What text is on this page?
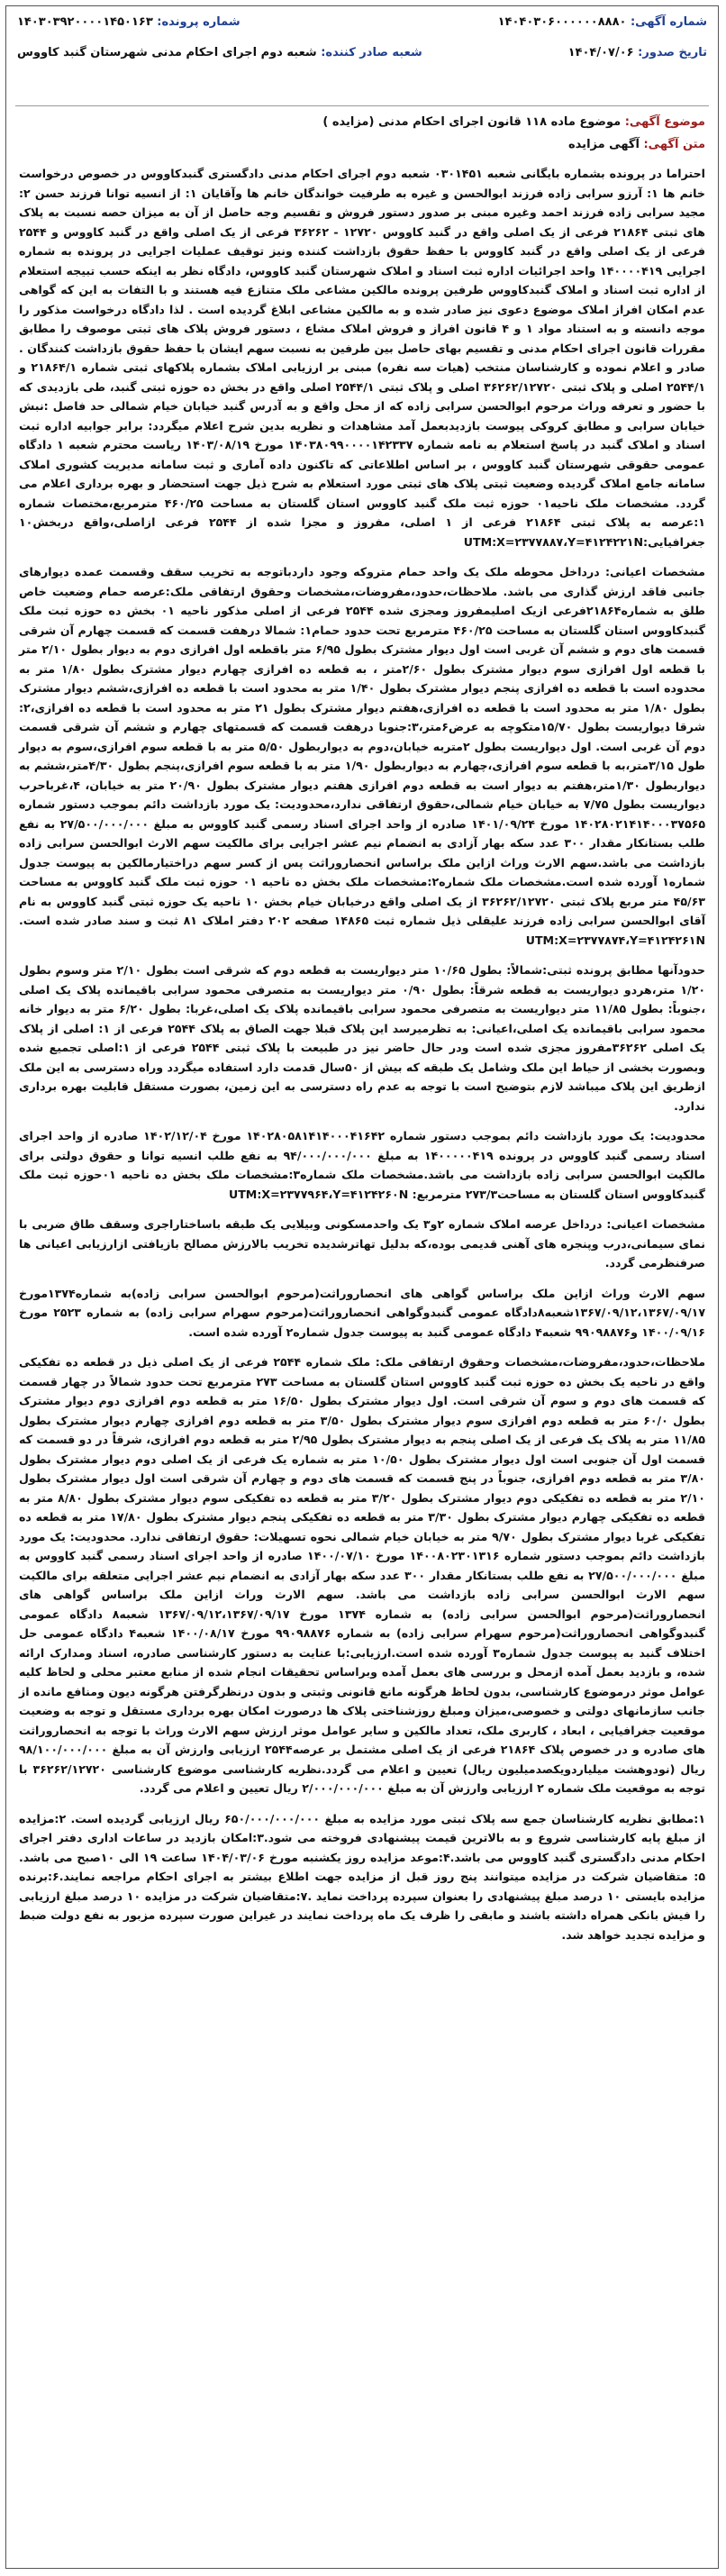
شماره آگهی: ۱۴۰۴۰۳۰۶۰۰۰۰۰۰۸۸۸۰
شماره پرونده: ۱۴۰۳۰۳۹۲۰۰۰۰۱۴۵۰۱۶۳
تاریخ صدور: ۱۴۰۴/۰۷/۰۶
شعبه صادر کننده: شعبه دوم اجرای احکام مدنی شهرستان گنبد کاووس
موضوع آگهی: موضوع ماده ۱۱۸ قانون اجرای احکام مدنی (مزایده )
متن آگهی: آگهی مزایده

احتراما در پرونده بشماره بایگانی شعبه ۰۳۰۱۴۵۱ شعبه دوم اجرای احکام مدنی دادگستری گنبدکاووس در خصوص درخواست خانم ها ۱: آرزو سرابی زاده فرزند ابوالحسن و غیره به طرفیت خواندگان خانم ها وآقایان ۱: از انسیه توانا فرزند حسن ۲: مجید سرابی زاده فرزند احمد وغیره مبنی بر صدور دستور فروش و تقسیم وجه حاصل از آن به میزان حصه نسبت به پلاک های ثبتی ۲۱۸۶۴ فرعی از یک اصلی واقع در گنبد کاووس ۱۲۷۲۰ - ۳۶۲۶۲ فرعی از یک اصلی واقع در گنبد کاووس و ۲۵۴۴ فرعی از یک اصلی واقع در گنبد کاووس با حفظ حقوق بازداشت کننده ونیز توقیف عملیات اجرایی در پرونده به شماره اجرایی ۱۴۰۰۰۰۴۱۹ واحد اجرائیات اداره ثبت اسناد و املاک شهرستان گنبد کاووس، دادگاه نظر به اینکه حسب تبیجه استعلام از اداره ثبت اسناد و املاک گنبدکاووس طرفین پرونده مالکین مشاعی ملک متنازع فیه هستند و با التفات به این که گواهی عدم امکان افراز املاک موضوع دعوی نیز صادر شده و به مالکین مشاعی ابلاغ گردیده است . لذا دادگاه درخواست مذکور را موجه دانسته و به استناد مواد ۱ و ۴ قانون افراز و فروش املاک مشاع ، دستور فروش پلاک های ثبتی موصوف را مطابق مقررات قانون اجرای احکام مدنی و تقسیم بهای حاصل بین طرفین به نسبت سهم ایشان با حفظ حقوق بازداشت کنندگان . صادر و اعلام نموده و کارشناسان منتخب (هیات سه نفره) مبنی بر ارزیابی املاک بشماره پلاکهای ثبتی شماره ۲۱۸۶۴/۱ و ۲۵۴۴/۱ اصلی و پلاک ثبتی ۳۶۲۶۲/۱۲۷۲۰ اصلی و پلاک ثبتی ۲۵۴۴/۱ اصلی واقع در بخش ده حوزه ثبتی گنبد، طی بازدیدی که با حضور و تعرفه وراث مرحوم ابوالحسن سرابی زاده که از محل واقع و به آدرس گنبد خیابان خیام شمالی حد فاصل :نبش خیابان سرابی و مطابق کروکی پیوست بازدیدبعمل آمد مشاهدات و نظریه بدین شرح اعلام میگردد: برابر جوابیه اداره ثبت اسناد و املاک گنبد در پاسخ استعلام به نامه شماره ۱۴۰۳۸۰۹۹۰۰۰۰۱۴۲۳۳۷ مورخ ۱۴۰۳/۰۸/۱۹ ریاست محترم شعبه ۱ دادگاه عمومی حقوقی شهرستان گنبد کاووس ، بر اساس اطلاعاتی که تاکنون داده آماری و ثبت سامانه مدیریت کشوری املاک سامانه جامع املاک گردیده وضعیت ثبتی پلاک های ثبتی مورد استعلام به شرح ذیل جهت استحضار و بهره برداری اعلام می گردد. مشخصات ملک ناحیه۰۱ حوزه ثبت ملک گنبد کاووس استان گلستان به مساحت ۴۶۰/۲۵ مترمربع،مختصات شماره ۱:عرصه به پلاک ثبتی ۲۱۸۶۴ فرعی از ۱ اصلی، مفروز و مجزا شده از ۲۵۴۴ فرعی ازاصلی،واقع دربخش۱۰ جغرافیایی:UTM:X=۲۳۷۷۸۸۷،Y=۴۱۲۴۲۲۱N

مشخصات اعیانی: درداخل محوطه ملک یک واحد حمام متروکه وجود داردباتوجه به تخریب سقف وقسمت عمده دیوارهای جانبی فاقد ارزش گذاری می باشد. ملاحظات،حدود،مفروضات،مشخصات وحقوق ارتفاقی ملک:عرصه حمام وضعیت خاص طلق به شماره۲۱۸۶۴فرعی ازیک اصلیمفروز ومجزی شده ۲۵۴۴ فرعی از اصلی مذکور ناحیه ۰۱ بخش ده حوزه ثبت ملک گنبدکاووس استان گلستان به مساحت ۴۶۰/۲۵ مترمربع تحت حدود حمام۱: شمالا درهفت قسمت که قسمت چهارم آن شرقی قسمت های دوم و ششم آن غربی است اول دیوار مشترک بطول ۶/۹۵ متر باقطعه اول افرازی دوم به دیوار بطول ۲/۱۰ متر با قطعه اول افرازی سوم دیوار مشترک بطول ۲/۶۰متر ، به قطعه ده افرازی چهارم دیوار مشترک بطول ۱/۸۰ متر به محدوده است با قطعه ده افرازی پنجم دیوار مشترک بطول ۱/۴۰ متر به محدود است با قطعه ده افرازی،ششم دیوار مشترک بطول ۱/۸۰ متر به محدود است با قطعه ده افرازی،هفتم دیوار مشترک بطول ۲۱ متر به محدود است با قطعه ده افرازی،۲: شرقا دیواریست بطول ۱۵/۷۰متکوچه به عرض۶متر،۳:جنوبا درهفت قسمت که قسمتهای چهارم و ششم آن شرقی قسمت دوم آن غربی است. اول دیواریست بطول ۲متربه خیابان،دوم به دیواربطول ۵/۵۰ متر به با قطعه سوم افرازی،سوم به دیوار طول ۳/۱۵متر،به با قطعه سوم افرازی،چهارم به دیواربطول ۱/۹۰ متر به با قطعه سوم افرازی،پنجم بطول ۴/۳۰متر،ششم به دیواربطول ۱/۳۰متر،هفتم به دیوار است به قطعه دوم افرازی هفتم دیوار مشترک بطول ۲۰/۹۰ متر به خیابان، ۴،غرباحرب دیواریست بطول ۷/۷۵ به خیابان خیام شمالی،حقوق ارتفاقی ندارد،محدودیت: یک مورد بازداشت دائم بموجب دستور شماره ۱۴۰۲۸۰۲۱۴۱۴۰۰۰۳۷۵۶۵ مورخ ۱۴۰۱/۰۹/۲۴ صادره از واحد اجرای اسناد رسمی گنبد کاووس به مبلغ ۲۷/۵۰۰/۰۰۰/۰۰۰ به نفع طلب بستانکار مقدار ۳۰۰ عدد سکه بهار آزادی به انضمام نیم عشر اجرایی برای مالکیت سهم الارث ابوالحسن سرابی زاده بازداشت می باشد.سهم الارث وراث ازاین ملک براساس انحصاروراثت پس از کسر سهم دراختیارمالکین به پیوست جدول شماره۱ آورده شده است.مشخصات ملک شماره۲:مشخصات ملک بخش ده ناحیه ۰۱ حوزه ثبت ملک گنبد کاووس به مساحت ۴۵/۶۳ متر مربع پلاک ثبتی ۳۶۲۶۲/۱۲۷۲۰ از یک اصلی واقع درخیابان خیام بخش ۱۰ ناحیه یک حوزه ثبتی گنبد کاووس به نام آقای ابوالحسن سرابی زاده فرزند علیقلی ذیل شماره ثبت ۱۴۸۶۵ صفحه ۲۰۲ دفتر املاک ۸۱ ثبت و سند صادر شده است. UTM:X=۲۳۷۷۸۷۴،Y=۴۱۲۴۲۶۱N

حدودآنها مطابق پرونده ثبتی:شمالاً: بطول ۱۰/۶۵ متر دیواریست به قطعه دوم که شرقی است بطول ۲/۱۰ متر وسوم بطول ۱/۲۰ متر،هردو دیواریست به قطعه شرقاً: بطول ۰/۹۰ متر دیواریست به متصرفی محمود سرابی باقیمانده پلاک یک اصلی ،جنوباً: بطول ۱۱/۸۵ متر دیواریست به متصرفی محمود سرابی باقیمانده پلاک یک اصلی،غربا: بطول ۶/۲۰ متر به دیوار خانه محمود سرابی باقیمانده یک اصلی،اعیانی: به تظرمیرسد این پلاک قبلا جهت الصاق به پلاک ۲۵۴۴ فرعی از ۱: اصلی از پلاک یک اصلی ۳۶۲۶۲مفروز مجزی شده است ودر حال حاضر نیز در طبیعت با پلاک ثبتی ۲۵۴۴ فرعی از ۱:اصلی تجمیع شده وبصورت بخشی از حیاط این ملک وشامل یک طبقه که بیش از ۵۰سال قدمت دارد استفاده میگردد وراه دسترسی به این ملک ازطریق این پلاک میباشد لازم بتوضیح است با توجه به عدم راه دسترسی به این زمین، بصورت مستقل قابلیت بهره برداری ندارد.

محدودیت: یک مورد بازداشت دائم بموجب دستور شماره ۱۴۰۲۸۰۵۸۱۴۱۴۰۰۰۴۱۶۴۲ مورخ ۱۴۰۲/۱۲/۰۴ صادره از واحد اجرای اسناد رسمی گنبد کاووس در پرونده ۱۴۰۰۰۰۰۴۱۹ به مبلغ ۹۴/۰۰۰/۰۰۰/۰۰۰ به نفع طلب انسیه توانا و حقوق دولتی برای مالکیت ابوالحسن سرابی زاده بازداشت می باشد.مشخصات ملک شماره۳:مشخصات ملک بخش ده ناحیه ۰۱حوزه ثبت ملک گنبدکاووس استان گلستان به مساحت۲۷۳/۳ مترمربع: UTM:X=۲۳۷۷۹۶۴،Y=۴۱۲۴۲۶۰N

مشخصات اعیانی: درداخل عرصه املاک شماره ۲و۳ یک واحدمسکونی وبیلایی یک طبقه باساختاراجری وسقف طاق ضربی با نمای سیمانی،درب وپنجره های آهنی قدیمی بوده،که بدلیل تهاترشدیده تخریب بالارزش مصالح بازیافتی ازارزیابی اعیانی ها صرفنظرمی گردد.

سهم الارث وراث ازاین ملک براساس گواهی های انحصاروراثت(مرحوم ابوالحسن سرابی زاده)به شماره۱۳۷۴مورخ ۱۳۶۷/۰۹/۱۲،۱۳۶۷/۰۹/۱۷شعبه۸دادگاه عمومی گنبدوگواهی انحصاروراثت(مرحوم سهرام سرابی زاده) به شماره ۲۵۲۳ مورخ ۱۴۰۰/۰۹/۱۶ و۹۹۰۹۸۸۷۶ شعبه۴ دادگاه عمومی گنبد به پیوست جدول شماره۲ آورده شده است.

ملاحظات،حدود،مفروضات،مشخصات وحقوق ارتفاقی ملک: ملک شماره ۲۵۴۴ فرعی از یک اصلی ذیل در قطعه ده تفکیکی واقع در ناحیه یک بخش ده حوزه ثبت گنبد کاووس استان گلستان به مساحت ۲۷۳ مترمربع تحت حدود شمالاً در چهار قسمت که قسمت های دوم و سوم آن شرقی است. اول دیوار مشترک بطول ۱۶/۵۰ متر به قطعه دوم افرازی دوم دیوار مشترک بطول ۶۰/۰ متر به قطعه دوم افرازی سوم دیوار مشترک بطول ۳/۵۰ متر به قطعه دوم افرازی چهارم دیوار مشترک بطول ۱۱/۸۵ متر به پلاک یک فرعی از یک اصلی پنجم به دیوار مشترک بطول ۲/۹۵ متر به قطعه دوم افرازی، شرقاً در دو قسمت که قسمت اول آن جنوبی است اول دیوار مشترک بطول ۱۰/۵۰ متر به شماره یک فرعی از یک اصلی دوم دیوار مشترک بطول ۳/۸۰ متر به قطعه دوم افرازی، جنوباً در پنج قسمت که قسمت های دوم و چهارم آن شرقی است اول دیوار مشترک بطول ۲/۱۰ متر به قطعه ده تفکیکی دوم دیوار مشترک بطول ۳/۲۰ متر به قطعه ده تفکیکی سوم دیوار مشترک بطول ۸/۸۰ متر به قطعه ده تفکیکی چهارم دیوار مشترک بطول ۳/۳۰ متر به قطعه ده تفکیکی پنجم دیوار مشترک بطول ۱۷/۸۰ متر به قطعه ده تفکیکی غربا دیوار مشترک بطول ۹/۷۰ متر به خیابان خیام شمالی نحوه تسهیلات: حقوق ارتفاقی ندارد. محدودیت: یک مورد بازداشت دائم بموجب دستور شماره ۱۴۰۰۸۰۲۳۰۱۳۱۶ مورخ ۱۴۰۰/۰۷/۱۰ صادره از واحد اجرای اسناد رسمی گنبد کاووس به مبلغ ۲۷/۵۰۰/۰۰۰/۰۰۰ به نفع طلب بستانکار مقدار ۳۰۰ عدد سکه بهار آزادی به انضمام نیم عشر اجرایی متعلقه برای مالکیت سهم الارث ابوالحسن سرابی زاده بازداشت می باشد. سهم الارث وراث ازاین ملک براساس گواهی های انحصاروراثت(مرحوم ابوالحسن سرابی زاده) به شماره ۱۳۷۴ مورخ ۱۳۶۷/۰۹/۱۲،۱۳۶۷/۰۹/۱۷ شعبه۸ دادگاه عمومی گنبدوگواهی انحصاروراثت(مرحوم سهرام سرابی زاده) به شماره ۹۹۰۹۸۸۷۶ مورخ ۱۴۰۰/۰۸/۱۷ شعبه۴ دادگاه عمومی حل اختلاف گنبد به پیوست جدول شماره۳ آورده شده است.ارزیابی:با عنایت به دستور کارشناسی صادره، اسناد ومدارک ارائه شده، و بازدید بعمل آمده ازمحل و بررسی های بعمل آمده وبراساس تحقیقات انجام شده از منابع معتبر محلی و لحاظ کلیه عوامل موثر درموضوع کارشناسی، بدون لحاظ هرگونه مانع قانونی وثبتی و بدون درنظرگرفتن هرگونه دیون ومنافع مانده از جانب سازمانهای دولتی و خصوصی،میزان ومبلغ روزشناختی پلاک ها درصورت امکان بهره برداری مستقل و توجه به وضعیت موقعیت جغرافیایی ، ابعاد ، کاربری ملک، تعداد مالکین و سایر عوامل موثر ارزش سهم الارث وراث با توجه به انحصاروراثت های صادره و در خصوص پلاک ۲۱۸۶۴ فرعی از یک اصلی مشتمل بر عرصه۲۵۴۴ ارزیابی وارزش آن به مبلغ ۹۸/۱۰۰/۰۰۰/۰۰۰ ریال (نودوهشت میلیاردویکصدمیلیون ریال) تعیین و اعلام می گردد.نظریه کارشناسی موضوع کارشناسی ۳۶۲۶۲/۱۲۷۲۰ با توجه به موقعیت ملک شماره ۲ ارزیابی وارزش آن به مبلغ ۲/۰۰۰/۰۰۰/۰۰۰ ریال تعیین و اعلام می گردد.

۱:مطابق نظریه کارشناسان جمع سه پلاک ثبتی مورد مزایده به مبلغ ۶۵۰/۰۰۰/۰۰۰/۰۰۰ ریال ارزیابی گردیده است. ۲:مزایده از مبلغ پایه کارشناسی شروع و به بالاترین قیمت پیشنهادی فروخته می شود.۳:امکان بازدید در ساعات اداری دفتر اجرای احکام مدنی دادگستری گنبد کاووس می باشد.۴:موعد مزایده روز یکشنبه مورخ ۱۴۰۴/۰۳/۰۶ ساعت ۱۹ الی ۱۰صبح می باشد. ۵: متقاضیان شرکت در مزایده میتوانند پنج روز قبل از مزایده جهت اطلاع بیشتر به اجرای احکام مراجعه نمایند.۶:برنده مزایده بایستی ۱۰ درصد مبلغ پیشنهادی را بعنوان سپرده پرداخت نماید .۷:متقاضیان شرکت در مزایده ۱۰ درصد مبلغ ارزیابی را فیش بانکی همراه داشته باشند و مابقی را ظرف یک ماه پرداخت نمایند در غیراین صورت سپرده مزبور به نفع دولت ضبط و مزایده تجدید خواهد شد.
